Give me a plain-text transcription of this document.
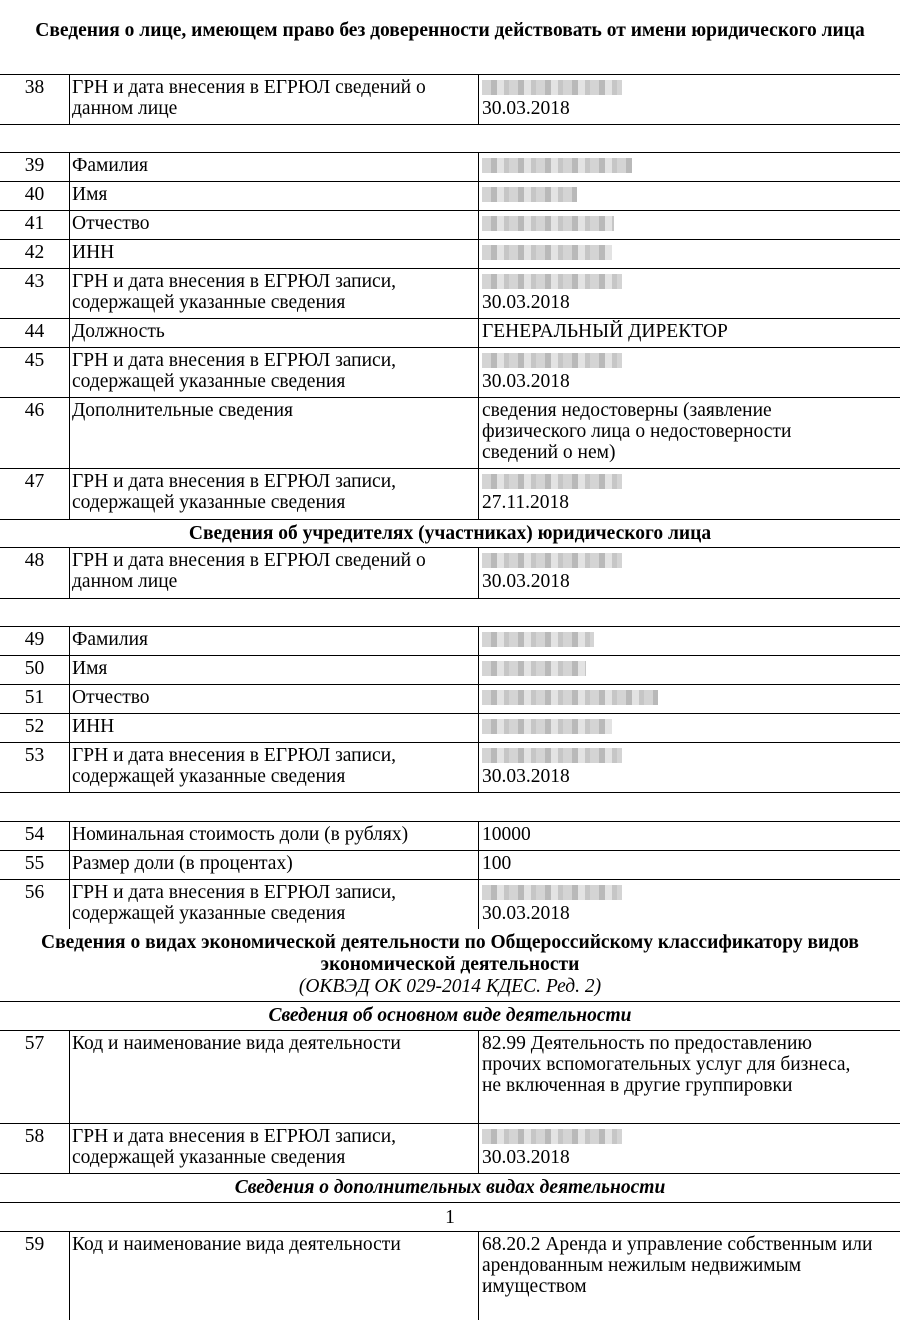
Сведения о лице, имеющем право без доверенности действовать от имени юридического лица
38	ГРН и дата внесения в ЕГРЮЛ сведений о данном лице	30.03.2018
39	Фамилия
40	Имя
41	Отчество
42	ИНН
43	ГРН и дата внесения в ЕГРЮЛ записи, содержащей указанные сведения	30.03.2018
44	Должность	ГЕНЕРАЛЬНЫЙ ДИРЕКТОР
45	ГРН и дата внесения в ЕГРЮЛ записи, содержащей указанные сведения	30.03.2018
46	Дополнительные сведения	сведения недостоверны (заявление физического лица о недостоверности сведений о нем)
47	ГРН и дата внесения в ЕГРЮЛ записи, содержащей указанные сведения	27.11.2018
Сведения об учредителях (участниках) юридического лица
48	ГРН и дата внесения в ЕГРЮЛ сведений о данном лице	30.03.2018
49	Фамилия
50	Имя
51	Отчество
52	ИНН
53	ГРН и дата внесения в ЕГРЮЛ записи, содержащей указанные сведения	30.03.2018
54	Номинальная стоимость доли (в рублях)	10000
55	Размер доли (в процентах)	100
56	ГРН и дата внесения в ЕГРЮЛ записи, содержащей указанные сведения	30.03.2018
Сведения о видах экономической деятельности по Общероссийскому классификатору видов экономической деятельности
(ОКВЭД ОК 029-2014 КДЕС. Ред. 2)
Сведения об основном виде деятельности
57	Код и наименование вида деятельности	82.99 Деятельность по предоставлению прочих вспомогательных услуг для бизнеса, не включенная в другие группировки
58	ГРН и дата внесения в ЕГРЮЛ записи, содержащей указанные сведения	30.03.2018
Сведения о дополнительных видах деятельности
1
59	Код и наименование вида деятельности	68.20.2 Аренда и управление собственным или арендованным нежилым недвижимым имуществом
